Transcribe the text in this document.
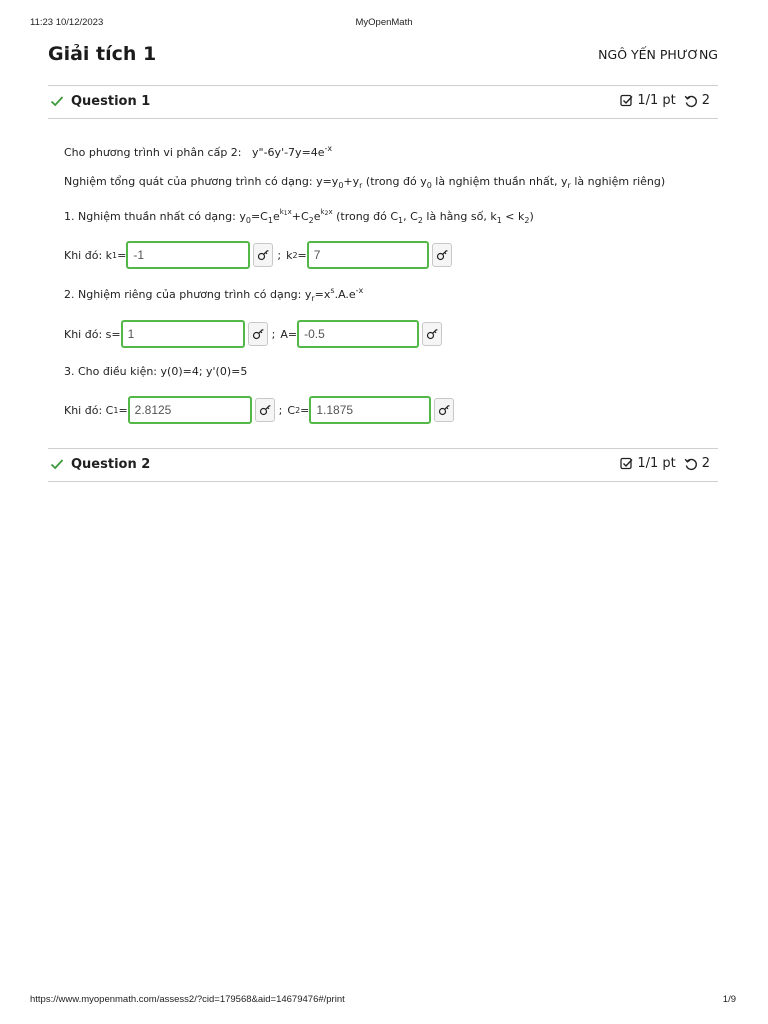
11:23 10/12/2023	MyOpenMath
Giải tích 1	NGÔ YẾN PHƯƠNG
Question 1	1/1 pt 2
Cho phương trình vi phân cấp 2: $y"-6y'-7y=4e^{-x}$
Nghiệm tổng quát của phương trình có dạng: $y=y_0+y_r$ (trong đó $y_0$ là nghiệm thuần nhất, $y_r$ là nghiệm riêng)
1. Nghiệm thuần nhất có dạng: $y_0=C_1e^{k_1x}+C_2e^{k_2x}$ (trong đó $C_1$, $C_2$ là hằng số, $k_1 < k_2$)
Khi đó: k 1 = -1	; k 2 = 7
2. Nghiệm riêng của phương trình có dạng: $y_r=x^s.A.e^{-x}$
Khi đó: s= 1	; A= -0.5
3. Cho điều kiện: y(0)=4; y'(0)=5
Khi đó: C 1 = 2.8125	; C 2 = 1.1875
Question 2	1/1 pt 2
https://www.myopenmath.com/assess2/?cid=179568&aid=14679476#/print	1/9
